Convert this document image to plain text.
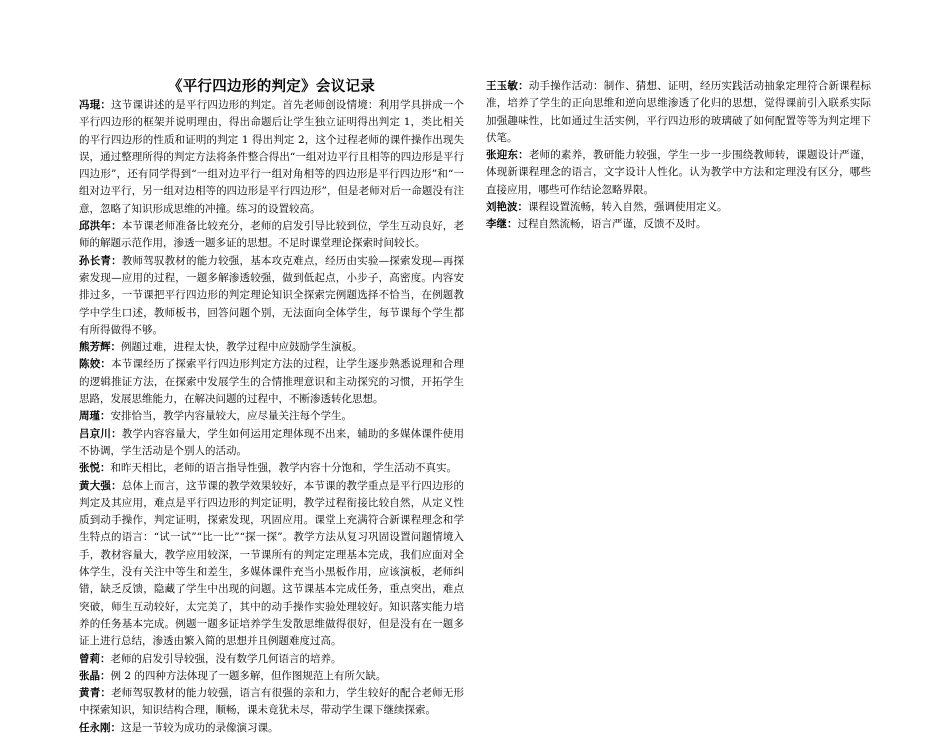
《平行四边形的判定》会议记录

冯琨：这节课讲述的是平行四边形的判定。首先老师创设情境：利用学具拼成一个平行四边形的框架并说明理由，得出命题后让学生独立证明得出判定 1，类比相关的平行四边形的性质和证明的判定 1 得出判定 2，这个过程老师的课件操作出现失误，通过整理所得的判定方法将条件整合得出“一组对边平行且相等的四边形是平行四边形”，还有同学得到“一组对边平行一组对角相等的四边形是平行四边形”和“一组对边平行，另一组对边相等的四边形是平行四边形”，但是老师对后一命题没有注意，忽略了知识形成思维的冲撞。练习的设置较高。

邱洪年：本节课老师准备比较充分，老师的启发引导比较到位，学生互动良好，老师的解题示范作用，渗透一题多证的思想。不足时课堂理论探索时间较长。

孙长青：教师驾驭教材的能力较强，基本攻克难点，经历由实验—探索发现—再探索发现—应用的过程，一题多解渗透较强，做到低起点，小步子，高密度。内容安排过多，一节课把平行四边形的判定理论知识全探索完例题选择不恰当，在例题教学中学生口述，教师板书，回答问题个别，无法面向全体学生，每节课每个学生都有所得做得不够。

熊芳辉：例题过难，进程太快，教学过程中应鼓励学生演板。

陈姣：本节课经历了探索平行四边形判定方法的过程，让学生逐步熟悉说理和合理的逻辑推证方法，在探索中发展学生的合情推理意识和主动探究的习惯，开拓学生思路，发展思维能力，在解决问题的过程中，不断渗透转化思想。

周瑾：安排恰当，教学内容量较大，应尽量关注每个学生。

吕京川：教学内容容量大，学生如何运用定理体现不出来，辅助的多媒体课件使用不协调，学生活动是个别人的活动。

张悦：和昨天相比，老师的语言指导性强，教学内容十分饱和，学生活动不真实。

黄大强：总体上而言，这节课的教学效果较好，本节课的教学重点是平行四边形的判定及其应用，难点是平行四边形的判定证明，教学过程衔接比较自然，从定义性质到动手操作，判定证明，探索发现，巩固应用。课堂上充满符合新课程理念和学生特点的语言：“试一试”“比一比”“探一探”。教学方法从复习巩固设置问题情境入手，教材容量大，教学应用较深，一节课所有的判定定理基本完成，我们应面对全体学生，没有关注中等生和差生，多媒体课件充当小黑板作用，应该演板，老师纠错，缺乏反馈，隐藏了学生中出现的问题。这节课基本完成任务，重点突出，难点突破，师生互动较好，太完美了，其中的动手操作实验处理较好。知识落实能力培养的任务基本完成。例题一题多证培养学生发散思维做得很好，但是没有在一题多证上进行总结，渗透由繁入简的思想并且例题难度过高。

曾莉：老师的启发引导较强，没有数学几何语言的培养。

张晶：例 2 的四种方法体现了一题多解，但作图规范上有所欠缺。

黄青：老师驾驭教材的能力较强，语言有很强的亲和力，学生较好的配合老师无形中探索知识，知识结构合理，顺畅，课未竟犹未尽，带动学生课下继续探索。

任永刚：这是一节较为成功的录像演习课。

王玉敏：动手操作活动：制作、猜想、证明，经历实践活动抽象定理符合新课程标准，培养了学生的正向思维和逆向思维渗透了化归的思想，觉得课前引入联系实际加强趣味性，比如通过生活实例，平行四边形的玻璃破了如何配置等等为判定埋下伏笔。

张迎东：老师的素养，教研能力较强，学生一步一步围绕教师转，课题设计严谨，体现新课程理念的语言，文字设计人性化。认为教学中方法和定理没有区分，哪些直接应用，哪些可作结论忽略界限。

刘艳波：课程设置流畅，转入自然，强调使用定义。

李继：过程自然流畅，语言严谨，反馈不及时。
